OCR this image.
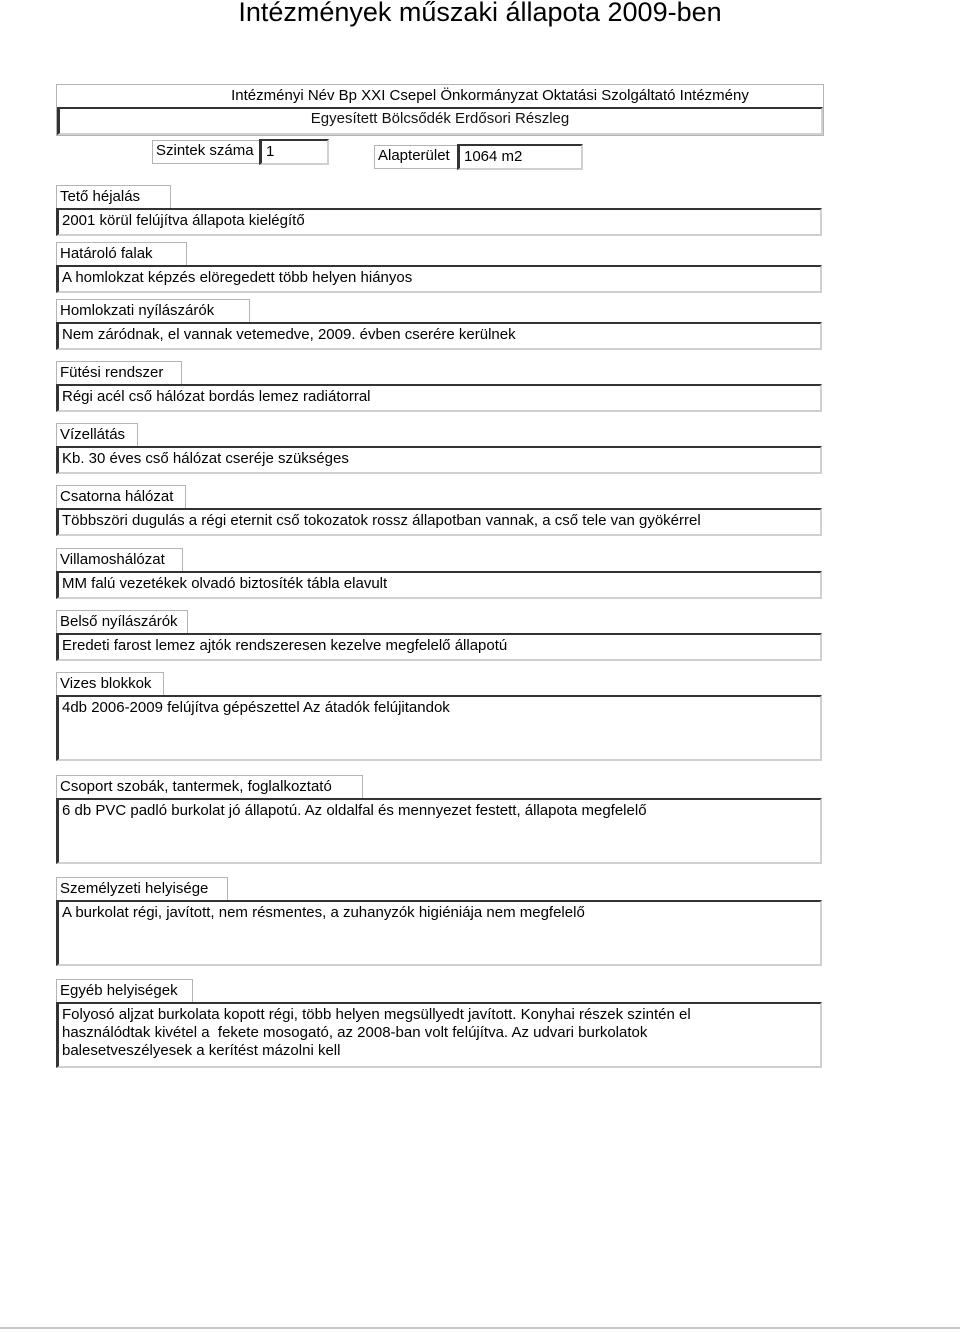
Intézmények műszaki állapota 2009-ben
Intézményi Név Bp XXI Csepel Önkormányzat Oktatási Szolgáltató Intézmény
Egyesített Bölcsődék Erdősori Részleg
Szintek száma 1	Alapterület 1064 m2
Tető héjalás
2001 körül felújítva állapota kielégítő
Határoló falak
A homlokzat képzés elöregedett több helyen hiányos
Homlokzati nyílászárók
Nem záródnak, el vannak vetemedve, 2009. évben cserére kerülnek
Fütési rendszer
Régi acél cső hálózat bordás lemez radiátorral
Vízellátás
Kb. 30 éves cső hálózat cseréje szükséges
Csatorna hálózat
Többszöri dugulás a régi eternit cső tokozatok rossz állapotban vannak, a cső tele van gyökérrel
Villamoshálózat
MM falú vezetékek olvadó biztosíték tábla elavult
Belső nyílászárók
Eredeti farost lemez ajtók rendszeresen kezelve megfelelő állapotú
Vizes blokkok
4db 2006-2009 felújítva gépészettel Az átadók felújitandok
Csoport szobák, tantermek, foglalkoztató
6 db PVC padló burkolat jó állapotú. Az oldalfal és mennyezet festett, állapota megfelelő
Személyzeti helyisége
A burkolat régi, javított, nem résmentes, a zuhanyzók higiéniája nem megfelelő
Egyéb helyiségek
Folyosó aljzat burkolata kopott régi, több helyen megsüllyedt javított. Konyhai részek szintén el
használódtak kivétel a  fekete mosogató, az 2008-ban volt felújítva. Az udvari burkolatok
balesetveszélyesek a kerítést mázolni kell
